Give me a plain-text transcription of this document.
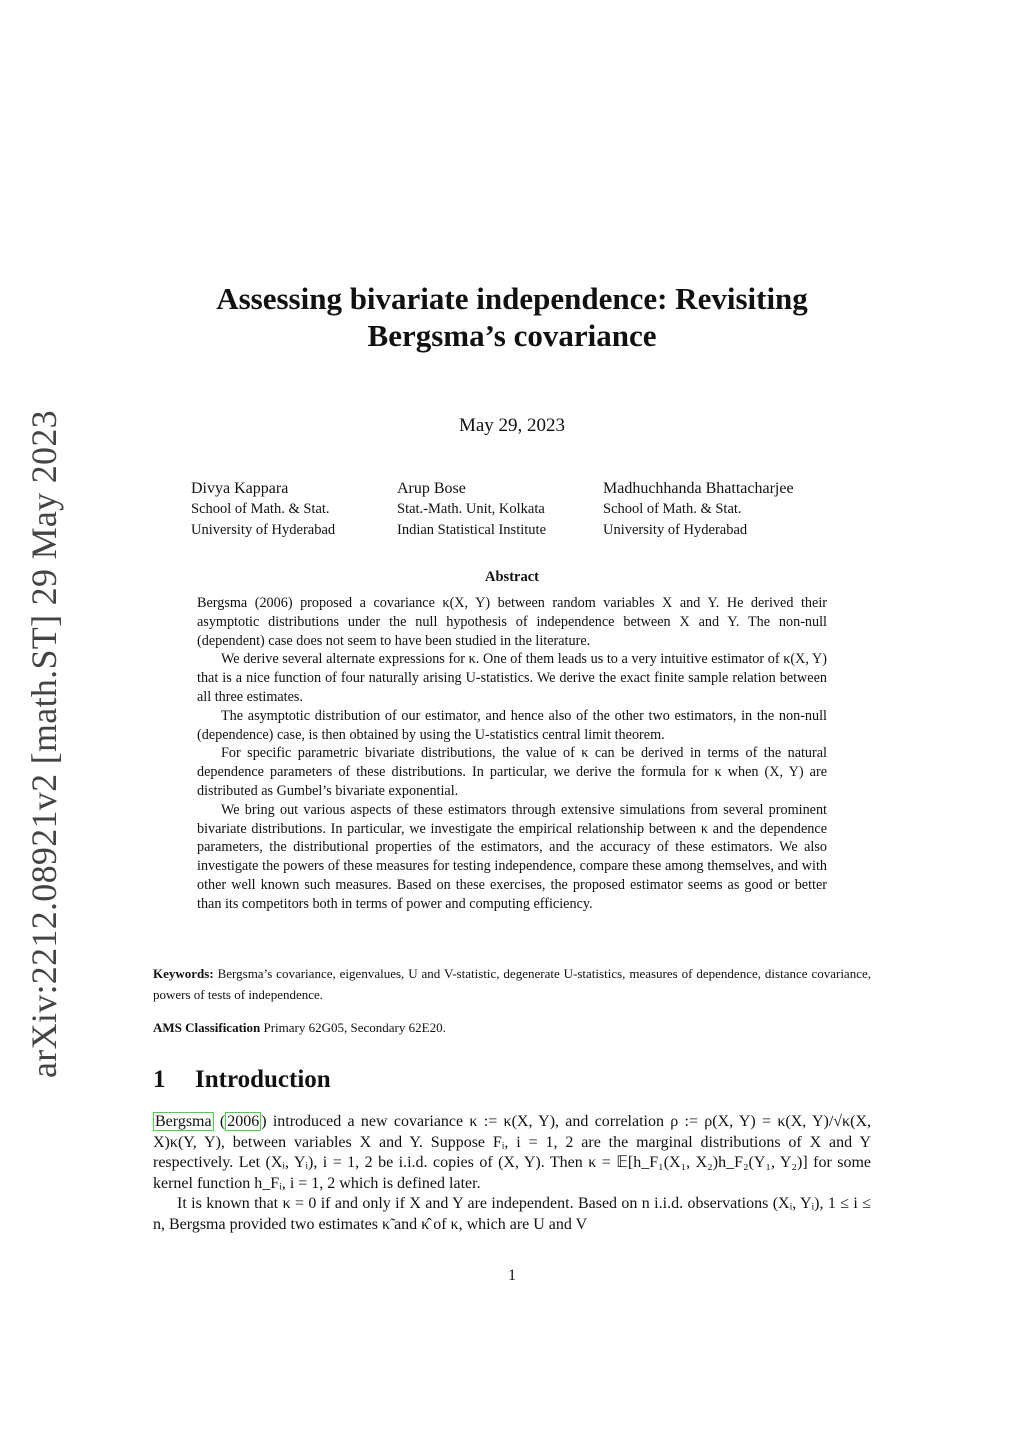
arXiv:2212.08921v2 [math.ST] 29 May 2023
Assessing bivariate independence: Revisiting
Bergsma’s covariance
May 29, 2023
Divya Kappara
School of Math. & Stat.
University of Hyderabad
Arup Bose
Stat.-Math. Unit, Kolkata
Indian Statistical Institute
Madhuchhanda Bhattacharjee
School of Math. & Stat.
University of Hyderabad
Abstract

Bergsma (2006) proposed a covariance κ(X, Y) between random variables X and Y. He derived their asymptotic distributions under the null hypothesis of independence between X and Y. The non-null (dependent) case does not seem to have been studied in the literature.

We derive several alternate expressions for κ. One of them leads us to a very intuitive estimator of κ(X, Y) that is a nice function of four naturally arising U-statistics. We derive the exact finite sample relation between all three estimates.

The asymptotic distribution of our estimator, and hence also of the other two estimators, in the non-null (dependence) case, is then obtained by using the U-statistics central limit theorem.

For specific parametric bivariate distributions, the value of κ can be derived in terms of the natural dependence parameters of these distributions. In particular, we derive the formula for κ when (X, Y) are distributed as Gumbel’s bivariate exponential.

We bring out various aspects of these estimators through extensive simulations from several prominent bivariate distributions. In particular, we investigate the empirical relationship between κ and the dependence parameters, the distributional properties of the estimators, and the accuracy of these estimators. We also investigate the powers of these measures for testing independence, compare these among themselves, and with other well known such measures. Based on these exercises, the proposed estimator seems as good or better than its competitors both in terms of power and computing efficiency.

Keywords: Bergsma’s covariance, eigenvalues, U and V-statistic, degenerate U-statistics, measures of dependence, distance covariance, powers of tests of independence.
AMS Classification Primary 62G05, Secondary 62E20.
1 Introduction

Bergsma ( 2006 ) introduced a new covariance κ := κ(X, Y), and correlation ρ := ρ(X, Y) = κ(X, Y)/√κ(X, X)κ(Y, Y), between variables X and Y. Suppose Fᵢ, i = 1, 2 are the marginal distributions of X and Y respectively. Let (Xᵢ, Yᵢ), i = 1, 2 be i.i.d. copies of (X, Y). Then κ = 𝔼[h_F₁(X₁, X₂)h_F₂(Y₁, Y₂)] for some kernel function h_Fᵢ, i = 1, 2 which is defined later.

It is known that κ = 0 if and only if X and Y are independent. Based on n i.i.d. observations (Xᵢ, Yᵢ), 1 ≤ i ≤ n, Bergsma provided two estimates κ̃ and κ̂ of κ, which are U and V

1
